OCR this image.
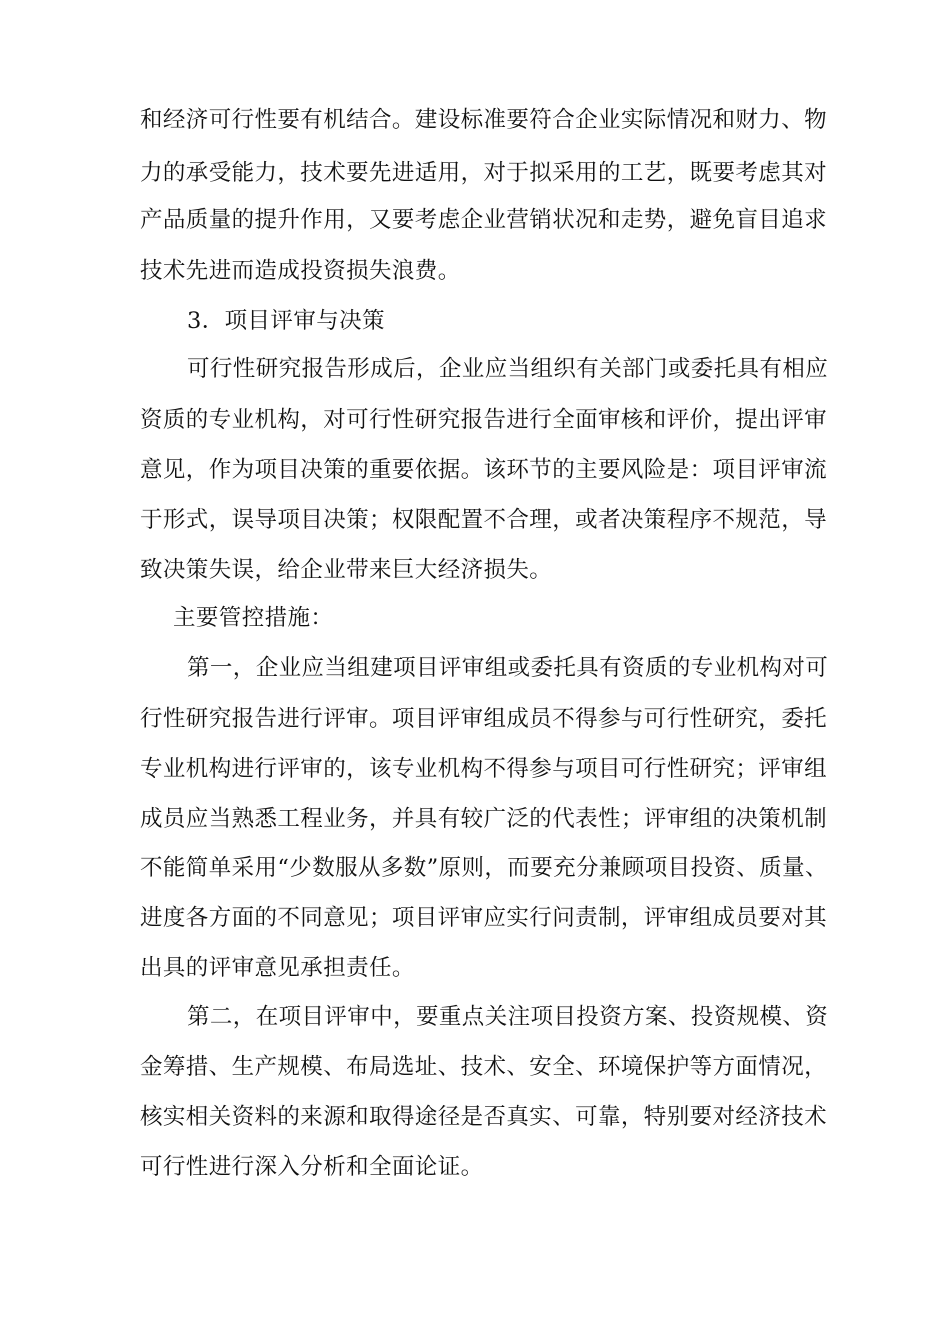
和经济可行性要有机结合。建设标准要符合企业实际情况和财力、物
力的承受能力，技术要先进适用，对于拟采用的工艺，既要考虑其对
产品质量的提升作用，又要考虑企业营销状况和走势，避免盲目追求
技术先进而造成投资损失浪费。
3．项目评审与决策
可行性研究报告形成后，企业应当组织有关部门或委托具有相应
资质的专业机构，对可行性研究报告进行全面审核和评价，提出评审
意见，作为项目决策的重要依据。该环节的主要风险是：项目评审流
于形式，误导项目决策；权限配置不合理，或者决策程序不规范，导
致决策失误，给企业带来巨大经济损失。
主要管控措施：
第一，企业应当组建项目评审组或委托具有资质的专业机构对可
行性研究报告进行评审。项目评审组成员不得参与可行性研究，委托
专业机构进行评审的，该专业机构不得参与项目可行性研究；评审组
成员应当熟悉工程业务，并具有较广泛的代表性；评审组的决策机制
不能简单采用“少数服从多数”原则，而要充分兼顾项目投资、质量、
进度各方面的不同意见；项目评审应实行问责制，评审组成员要对其
出具的评审意见承担责任。
第二，在项目评审中，要重点关注项目投资方案、投资规模、资
金筹措、生产规模、布局选址、技术、安全、环境保护等方面情况，
核实相关资料的来源和取得途径是否真实、可靠，特别要对经济技术
可行性进行深入分析和全面论证。
